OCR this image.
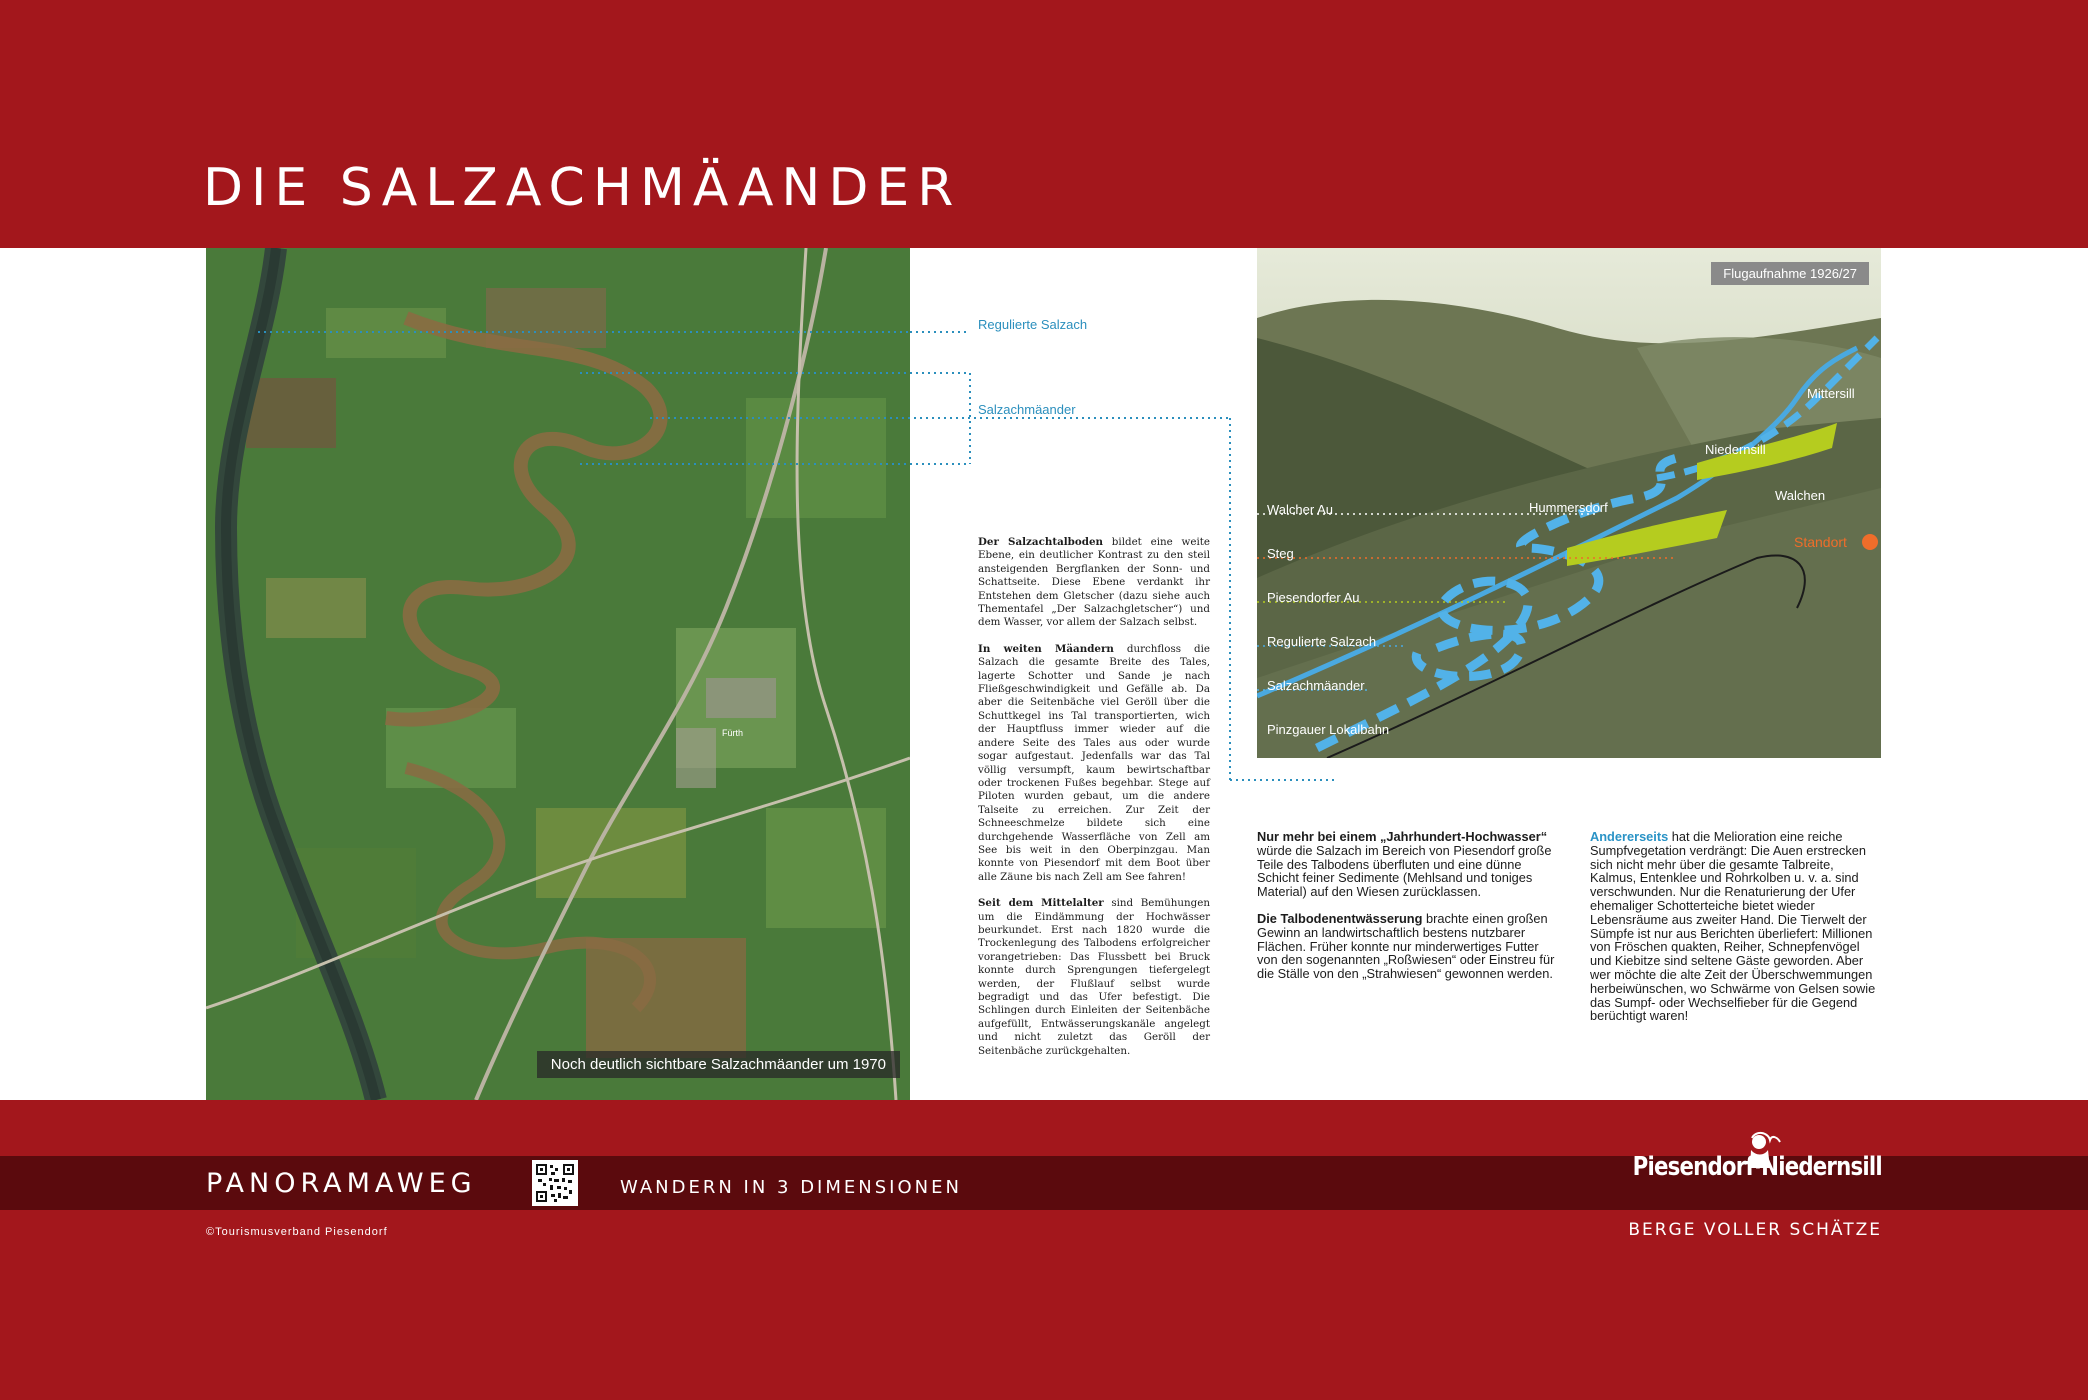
DIE SALZACHMÄANDER
Fürth
Noch deutlich sichtbare Salzachmäander um 1970
Regulierte Salzach
Salzachmäander

Der Salzachtalboden bildet eine weite Ebene, ein deutlicher Kontrast zu den steil ansteigenden Bergflanken der Sonn- und Schattseite. Diese Ebene verdankt ihr Entstehen dem Gletscher (dazu siehe auch Thementafel „Der Salzachgletscher“) und dem Wasser, vor allem der Salzach selbst.

In weiten Mäandern durchfloss die Salzach die gesamte Breite des Tales, lagerte Schotter und Sande je nach Fließgeschwindigkeit und Gefälle ab. Da aber die Seitenbäche viel Geröll über die Schuttkegel ins Tal transportierten, wich der Hauptfluss immer wieder auf die andere Seite des Tales aus oder wurde sogar aufgestaut. Jedenfalls war das Tal völlig versumpft, kaum bewirtschaftbar oder trockenen Fußes begehbar. Stege auf Piloten wurden gebaut, um die andere Talseite zu erreichen. Zur Zeit der Schneeschmelze bildete sich eine durchgehende Wasserfläche von Zell am See bis weit in den Oberpinzgau. Man konnte von Piesendorf mit dem Boot über alle Zäune bis nach Zell am See fahren!

Seit dem Mittelalter sind Bemühungen um die Eindämmung der Hochwässer beurkundet. Erst nach 1820 wurde die Trockenlegung des Talbodens erfolgreicher vorangetrieben: Das Flussbett bei Bruck konnte durch Sprengungen tiefergelegt werden, der Flußlauf selbst wurde begradigt und das Ufer befestigt. Die Schlingen durch Einleiten der Seitenbäche aufgefüllt, Entwässerungskanäle angelegt und nicht zuletzt das Geröll der Seitenbäche zurückgehalten.

Flugaufnahme 1926/27
Walcher Au
Steg
Piesendorfer Au
Regulierte Salzach
Salzachmäander
Pinzgauer Lokalbahn
Mittersill
Niedernsill
Hummersdorf
Walchen
Standort

Nur mehr bei einem „Jahrhundert-Hochwasser“ würde die Salzach im Bereich von Piesendorf große Teile des Talbodens überfluten und eine dünne Schicht feiner Sedimente (Mehlsand und toniges Material) auf den Wiesen zurücklassen.

Die Talbodenentwässerung brachte einen großen Gewinn an landwirtschaftlich bestens nutzbarer Flächen. Früher konnte nur minderwertiges Futter von den sogenannten „Roßwiesen“ oder Einstreu für die Ställe von den „Strahwiesen“ gewonnen werden.

Andererseits hat die Melioration eine reiche Sumpfvegetation verdrängt: Die Auen erstrecken sich nicht mehr über die gesamte Talbreite, Kalmus, Entenklee und Rohrkolben u. v. a. sind verschwunden. Nur die Renaturierung der Ufer ehemaliger Schotterteiche bietet wieder Lebensräume aus zweiter Hand. Die Tierwelt der Sümpfe ist nur aus Berichten überliefert: Millionen von Fröschen quakten, Reiher, Schnepfenvögel und Kiebitze sind seltene Gäste geworden. Aber wer möchte die alte Zeit der Überschwemmungen herbeiwünschen, wo Schwärme von Gelsen sowie das Sumpf- oder Wechselfieber für die Gegend berüchtigt waren!

PANORAMAWEG	WANDERN IN 3 DIMENSIONEN
Piesendorf·Niedernsill
©Tourismusverband Piesendorf	BERGE VOLLER SCHÄTZE
